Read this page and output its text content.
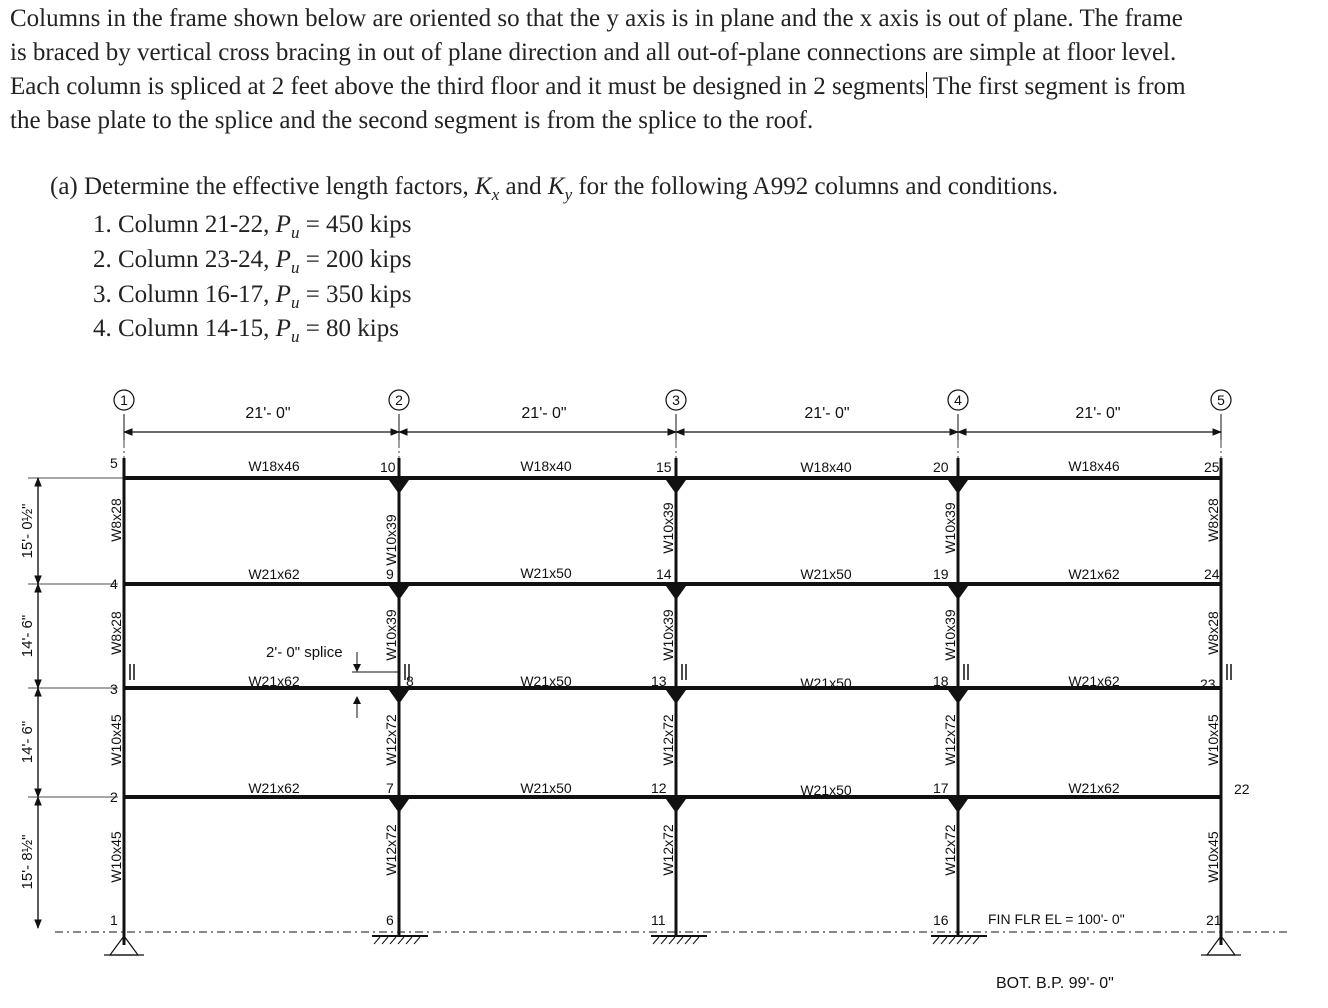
Columns in the frame shown below are oriented so that the y axis is in plane and the x axis is out of plane. The frame
is braced by vertical cross bracing in out of plane direction and all out-of-plane connections are simple at floor level.
Each column is spliced at 2 feet above the third floor and it must be designed in 2 segments The first segment is from
the base plate to the splice and the second segment is from the splice to the roof.
(a) Determine the effective length factors, $K_x$ and $K_y$ for the following A992 columns and conditions.
1. Column 21-22, $P_u = 450$ kips
2. Column 23-24, $P_u = 200$ kips
3. Column 16-17, $P_u = 350$ kips
4. Column 14-15, $P_u = 80$ kips
1	2	3	4	5
21'- 0"	21'- 0"	21'- 0"	21'- 0"
15'- 0½"
14'- 6"
14'- 6"
15'- 8½"
2'- 0" splice
W18x46	W18x40	W18x40	W18x46
W21x62	W21x50	W21x50	W21x62
W21x62	W21x50	W21x50	W21x62
W21x62	W21x50	W21x50	W21x62
W8x28
W8x28
W10x45
W10x45
W10x39
W10x39
W12x72
W12x72
W10x39
W10x39
W12x72
W12x72
W10x39
W10x39
W12x72
W12x72
W8x28
W8x28
W10x45
W10x45
5
4
3
2
1
10
9
8
7
6
15
14
13
12
11
20
19
18
17
16
25
24
23
22
21
FIN FLR EL = 100'- 0"
BOT. B.P. 99'- 0"
